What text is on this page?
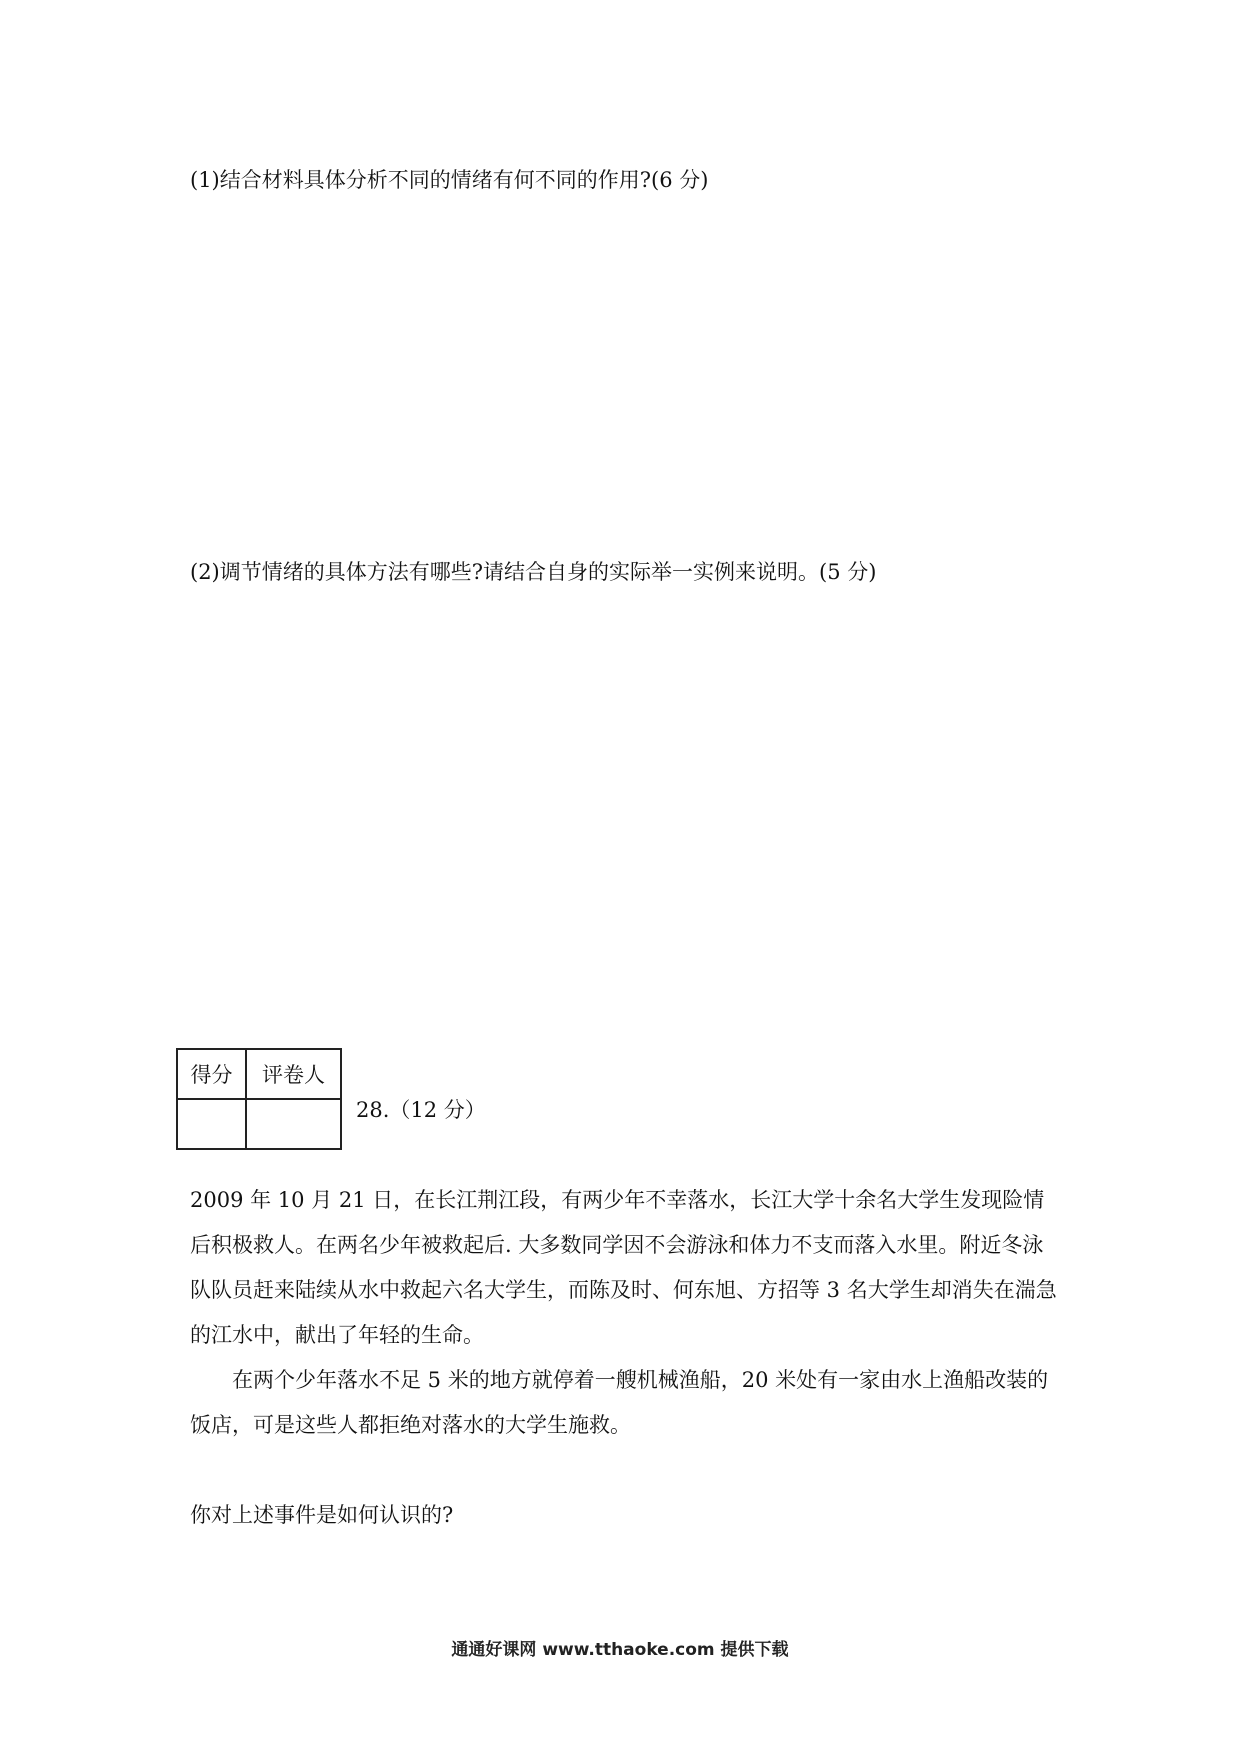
(1)结合材料具体分析不同的情绪有何不同的作用?(6 分)
(2)调节情绪的具体方法有哪些?请结合自身的实际举一实例来说明。(5 分)
得分	评卷人

28.（12 分）

2009 年 10 月 21 日，在长江荆江段，有两少年不幸落水，长江大学十余名大学生发现险情后积极救人。在两名少年被救起后. 大多数同学因不会游泳和体力不支而落入水里。附近冬泳队队员赶来陆续从水中救起六名大学生，而陈及时、何东旭、方招等 3 名大学生却消失在湍急的江水中，献出了年轻的生命。

在两个少年落水不足 5 米的地方就停着一艘机械渔船，20 米处有一家由水上渔船改装的饭店，可是这些人都拒绝对落水的大学生施救。

你对上述事件是如何认识的?

通通好课网 www.tthaoke.com 提供下载
